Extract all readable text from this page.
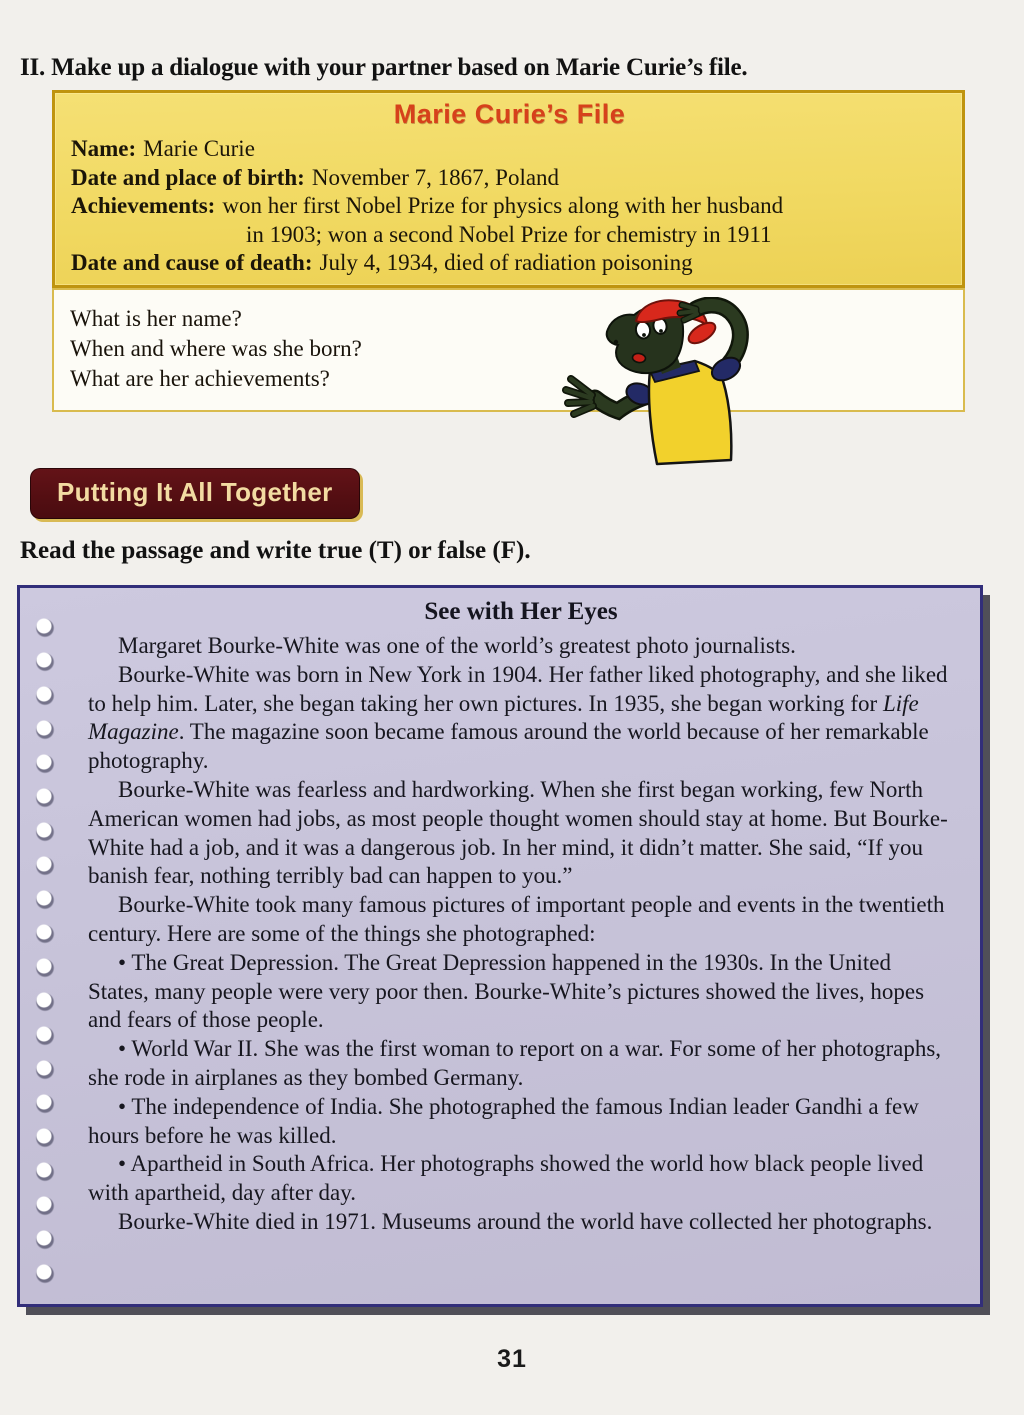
II. Make up a dialogue with your partner based on Marie Curie’s file.
Marie Curie’s File
Name: Marie Curie
Date and place of birth: November 7, 1867, Poland
Achievements: won her first Nobel Prize for physics along with her husband
in 1903; won a second Nobel Prize for chemistry in 1911
Date and cause of death: July 4, 1934, died of radiation poisoning
What is her name?
When and where was she born?
What are her achievements?
Putting It All Together
Read the passage and write true (T) or false (F).
See with Her Eyes

Margaret Bourke-White was one of the world’s greatest photo journalists.

Bourke-White was born in New York in 1904. Her father liked photography, and she liked to help him. Later, she began taking her own pictures. In 1935, she began working for Life Magazine. The magazine soon became famous around the world because of her remarkable photography.

Bourke-White was fearless and hardworking. When she first began working, few North American women had jobs, as most people thought women should stay at home. But Bourke-White had a job, and it was a dangerous job. In her mind, it didn’t matter. She said, “If you banish fear, nothing terribly bad can happen to you.”

Bourke-White took many famous pictures of important people and events in the twentieth century. Here are some of the things she photographed:

• The Great Depression. The Great Depression happened in the 1930s. In the United States, many people were very poor then. Bourke-White’s pictures showed the lives, hopes and fears of those people.

• World War II. She was the first woman to report on a war. For some of her photographs, she rode in airplanes as they bombed Germany.

• The independence of India. She photographed the famous Indian leader Gandhi a few hours before he was killed.

• Apartheid in South Africa. Her photographs showed the world how black people lived with apartheid, day after day.

Bourke-White died in 1971. Museums around the world have collected her photographs.

31
